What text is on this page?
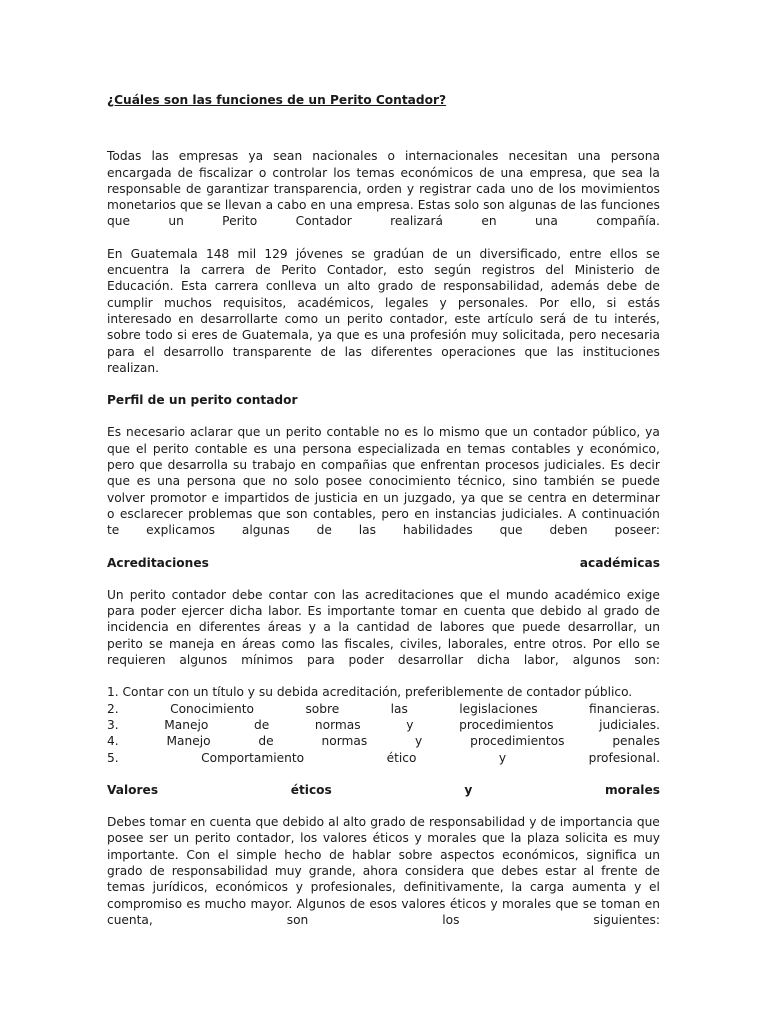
¿Cuáles son las funciones de un Perito Contador?
Todas las empresas ya sean nacionales o internacionales necesitan una persona
encargada de fiscalizar o controlar los temas económicos de una empresa, que sea la
responsable de garantizar transparencia, orden y registrar cada uno de los movimientos
monetarios que se llevan a cabo en una empresa. Estas solo son algunas de las funciones
que	un	Perito	Contador	realizará	en	una	compañía.
En Guatemala 148 mil 129 jóvenes se gradúan de un diversificado, entre ellos se
encuentra la carrera de Perito Contador, esto según registros del Ministerio de
Educación. Esta carrera conlleva un alto grado de responsabilidad, además debe de
cumplir muchos requisitos, académicos, legales y personales. Por ello, si estás
interesado en desarrollarte como un perito contador, este artículo será de tu interés,
sobre todo si eres de Guatemala, ya que es una profesión muy solicitada, pero necesaria
para el desarrollo transparente de las diferentes operaciones que las instituciones
realizan.
Perfil de un perito contador
Es necesario aclarar que un perito contable no es lo mismo que un contador público, ya
que el perito contable es una persona especializada en temas contables y económico,
pero que desarrolla su trabajo en compañias que enfrentan procesos judiciales. Es decir
que es una persona que no solo posee conocimiento técnico, sino también se puede
volver promotor e impartidos de justicia en un juzgado, ya que se centra en determinar
o esclarecer problemas que son contables, pero en instancias judiciales. A continuación
te explicamos algunas de las habilidades que deben poseer:
Acreditaciones	académicas
Un perito contador debe contar con las acreditaciones que el mundo académico exige
para poder ejercer dicha labor. Es importante tomar en cuenta que debido al grado de
incidencia en diferentes áreas y a la cantidad de labores que puede desarrollar, un
perito se maneja en áreas como las fiscales, civiles, laborales, entre otros. Por ello se
requieren algunos mínimos para poder desarrollar dicha labor, algunos son:
1. Contar con un título y su debida acreditación, preferiblemente de contador público.
2.	Conocimiento	sobre	las	legislaciones	financieras.
3.	Manejo	de	normas	y	procedimientos	judiciales.
4.	Manejo	de	normas	y	procedimientos	penales
5.	Comportamiento	ético	y	profesional.
Valores	éticos	y	morales
Debes tomar en cuenta que debido al alto grado de responsabilidad y de importancia que
posee ser un perito contador, los valores éticos y morales que la plaza solicita es muy
importante. Con el simple hecho de hablar sobre aspectos económicos, significa un
grado de responsabilidad muy grande, ahora considera que debes estar al frente de
temas jurídicos, económicos y profesionales, definitivamente, la carga aumenta y el
compromiso es mucho mayor. Algunos de esos valores éticos y morales que se toman en
cuenta,	son	los	siguientes:
